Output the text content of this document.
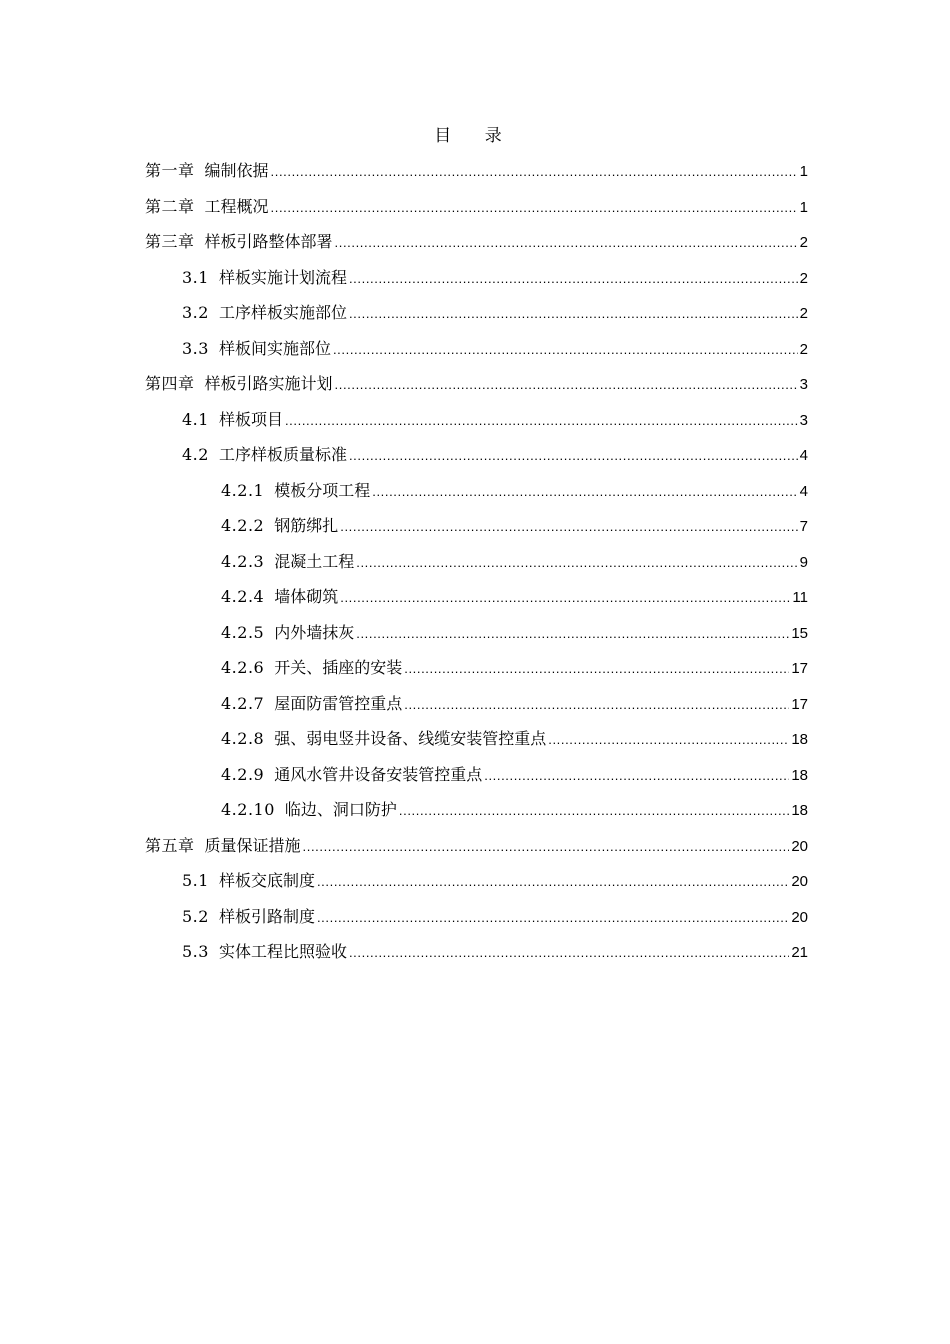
目 录
第一章 编制依据 .....	1
第二章 工程概况 .....	1
第三章 样板引路整体部署 .....	2
3.1 样板实施计划流程 .....	2
3.2 工序样板实施部位 .....	2
3.3 样板间实施部位 .....	2
第四章 样板引路实施计划 .....	3
4.1 样板项目 .....	3
4.2 工序样板质量标准 .....	4
4.2.1 模板分项工程 .....	4
4.2.2 钢筋绑扎 .....	7
4.2.3 混凝土工程 .....	9
4.2.4 墙体砌筑 .....	11
4.2.5 内外墙抹灰 .....	15
4.2.6 开关、插座的安装 .....	17
4.2.7 屋面防雷管控重点 .....	17
4.2.8 强、弱电竖井设备、线缆安装管控重点 .....	18
4.2.9 通风水管井设备安装管控重点 .....	18
4.2.10 临边、洞口防护 .....	18
第五章 质量保证措施 .....	20
5.1 样板交底制度 .....	20
5.2 样板引路制度 .....	20
5.3 实体工程比照验收 .....	21
